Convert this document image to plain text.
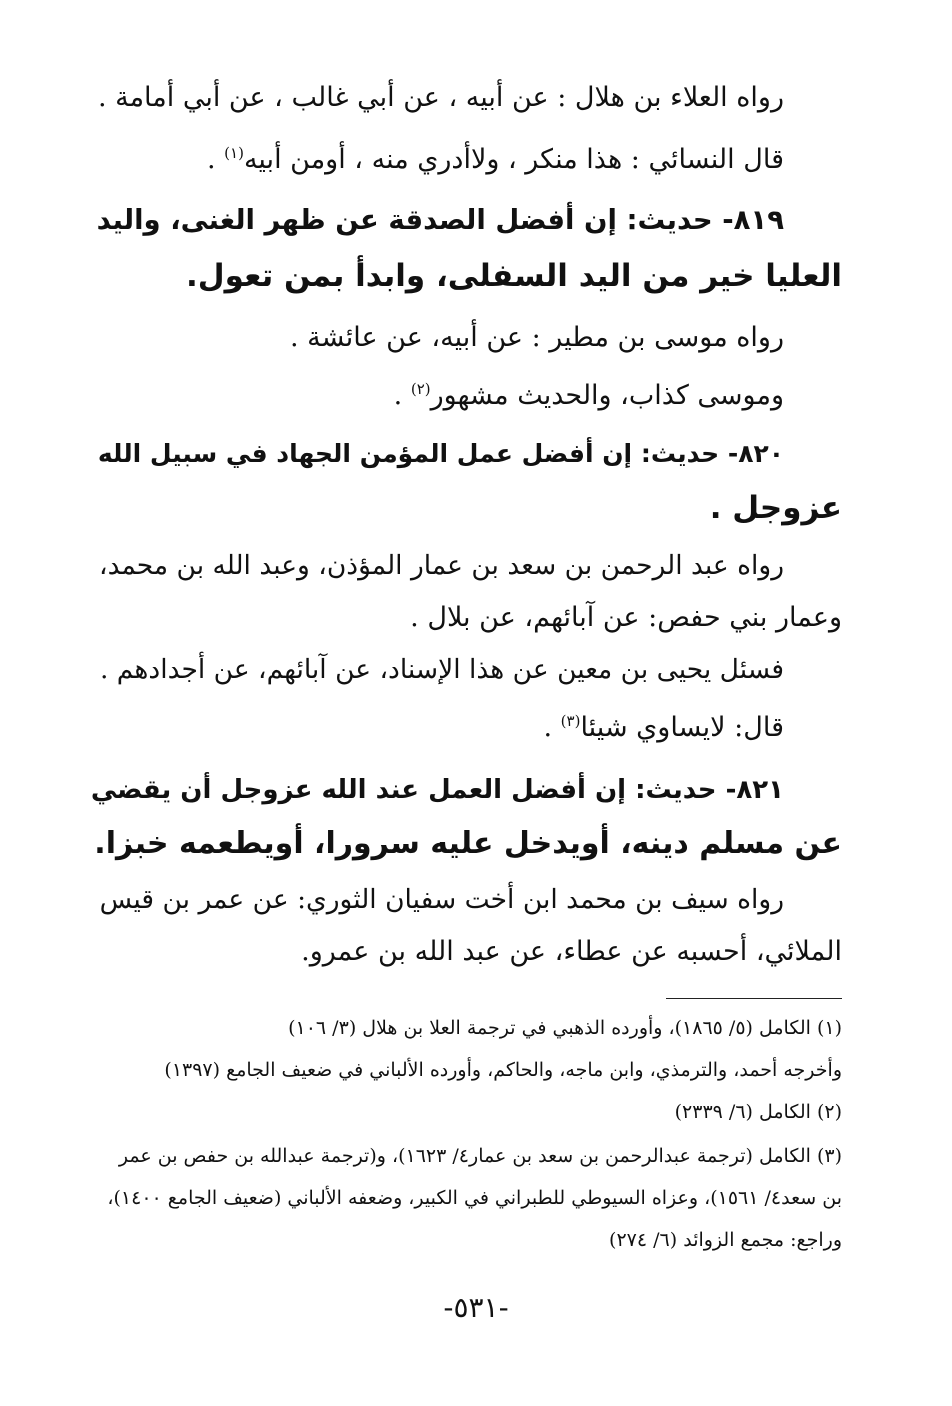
رواه العلاء بن هلال : عن أبيه ، عن أبي غالب ، عن أبي أمامة .
قال النسائي : هذا منكر ، ولاأدري منه ، أومن أبيه$^{(١)}$ .
٨١٩- حديث: إن أفضل الصدقة عن ظهر الغنى، واليد
العليا خير من اليد السفلى، وابدأ بمن تعول.
رواه موسى بن مطير : عن أبيه، عن عائشة .
وموسى كذاب، والحديث مشهور$^{(٢)}$ .
٨٢٠- حديث: إن أفضل عمل المؤمن الجهاد في سبيل الله
عزوجل .
رواه عبد الرحمن بن سعد بن عمار المؤذن، وعبد الله بن محمد،
وعمار بني حفص: عن آبائهم، عن بلال .
فسئل يحيى بن معين عن هذا الإسناد، عن آبائهم، عن أجدادهم .
قال: لايساوي شيئا$^{(٣)}$ .
٨٢١- حديث: إن أفضل العمل عند الله عزوجل أن يقضي
عن مسلم دينه، أويدخل عليه سرورا، أويطعمه خبزا.
رواه سيف بن محمد ابن أخت سفيان الثوري: عن عمر بن قيس
الملائي، أحسبه عن عطاء، عن عبد الله بن عمرو.
(١) الكامل (٥/ ١٨٦٥)، وأورده الذهبي في ترجمة العلا بن هلال (٣/ ١٠٦)
وأخرجه أحمد، والترمذي، وابن ماجه، والحاكم، وأورده الألباني في ضعيف الجامع (١٣٩٧)
(٢) الكامل (٦/ ٢٣٣٩)
(٣) الكامل (ترجمة عبدالرحمن بن سعد بن عمار٤/ ١٦٢٣)، و(ترجمة عبدالله بن حفص بن عمر
بن سعد٤/ ١٥٦١)، وعزاه السيوطي للطبراني في الكبير، وضعفه الألباني (ضعيف الجامع ١٤٠٠)،
وراجع: مجمع الزوائد (٦/ ٢٧٤)
-٥٣١-
